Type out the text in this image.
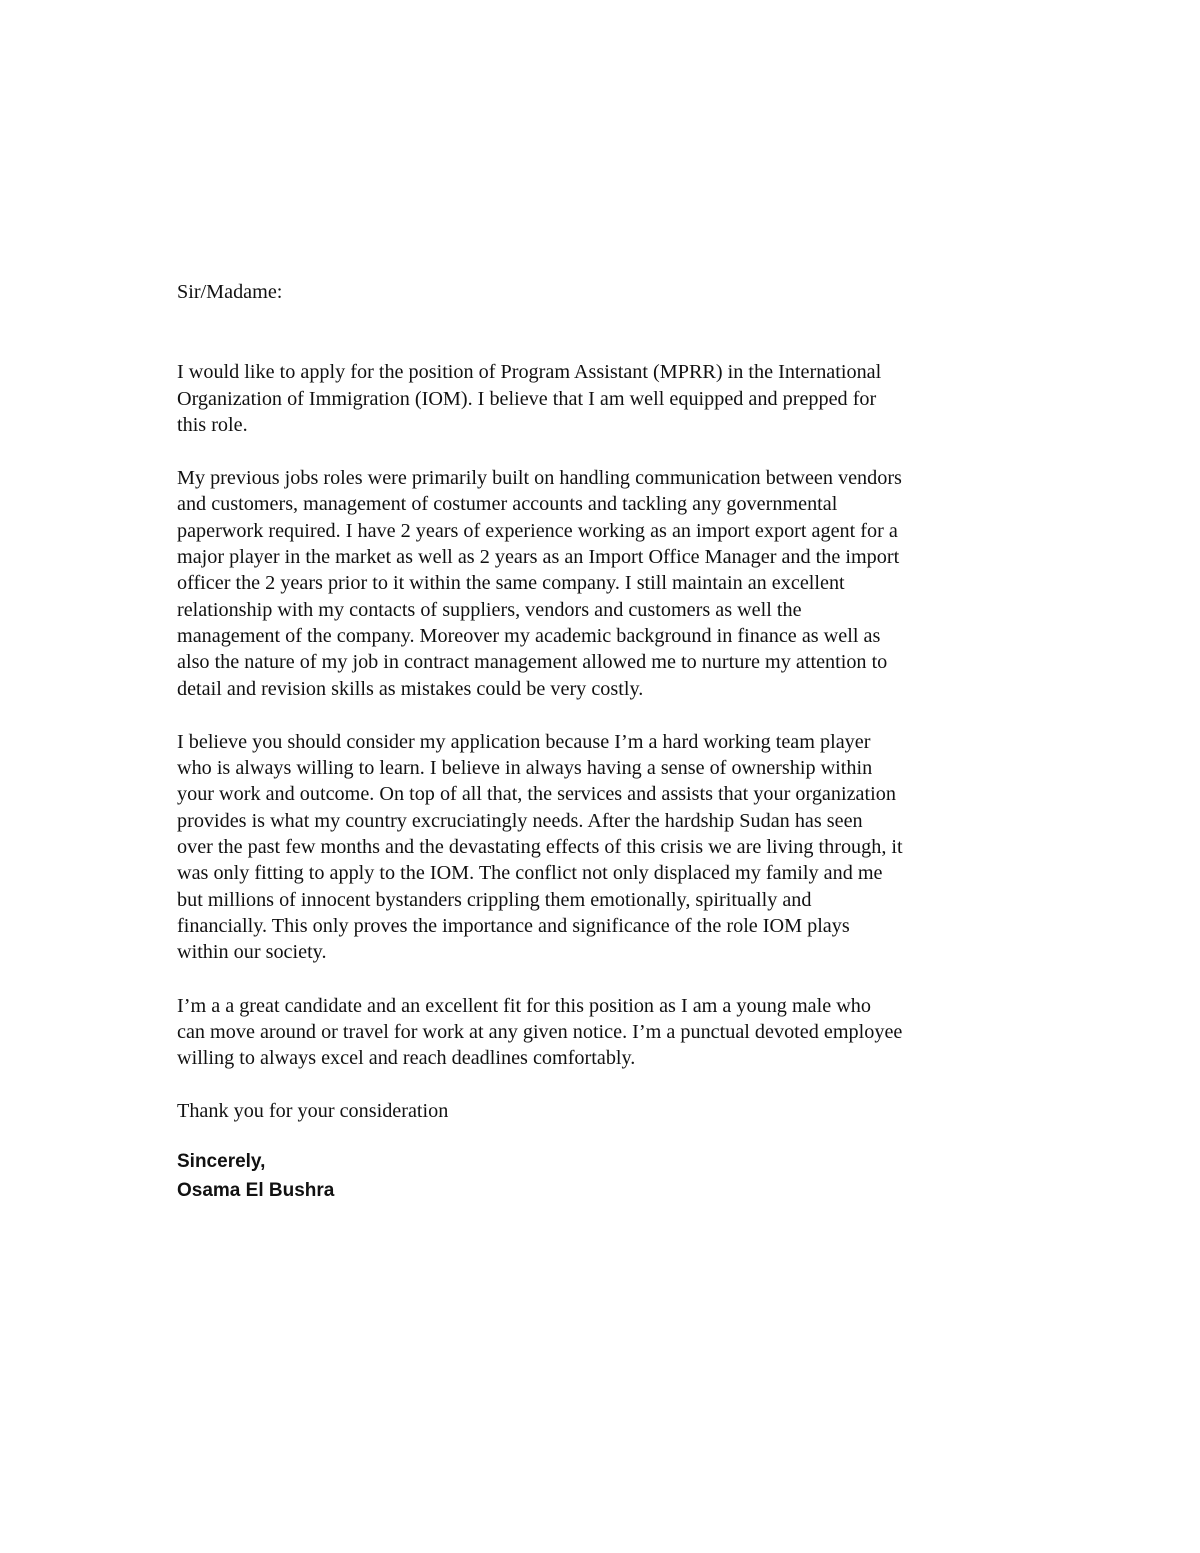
Sir/Madame:
I would like to apply for the position of Program Assistant (MPRR) in the International
Organization of Immigration (IOM). I believe that I am well equipped and prepped for
this role.
My previous jobs roles were primarily built on handling communication between vendors
and customers, management of costumer accounts and tackling any governmental
paperwork required. I have 2 years of experience working as an import export agent for a
major player in the market as well as 2 years as an Import Office Manager and the import
officer the 2 years prior to it within the same company. I still maintain an excellent
relationship with my contacts of suppliers, vendors and customers as well the
management of the company. Moreover my academic background in finance as well as
also the nature of my job in contract management allowed me to nurture my attention to
detail and revision skills as mistakes could be very costly.
I believe you should consider my application because I’m a hard working team player
who is always willing to learn. I believe in always having a sense of ownership within
your work and outcome. On top of all that, the services and assists that your organization
provides is what my country excruciatingly needs. After the hardship Sudan has seen
over the past few months and the devastating effects of this crisis we are living through, it
was only fitting to apply to the IOM. The conflict not only displaced my family and me
but millions of innocent bystanders crippling them emotionally, spiritually and
financially. This only proves the importance and significance of the role IOM plays
within our society.
I’m a a great candidate and an excellent fit for this position as I am a young male who
can move around or travel for work at any given notice. I’m a punctual devoted employee
willing to always excel and reach deadlines comfortably.
Thank you for your consideration
Sincerely,
Osama El Bushra
